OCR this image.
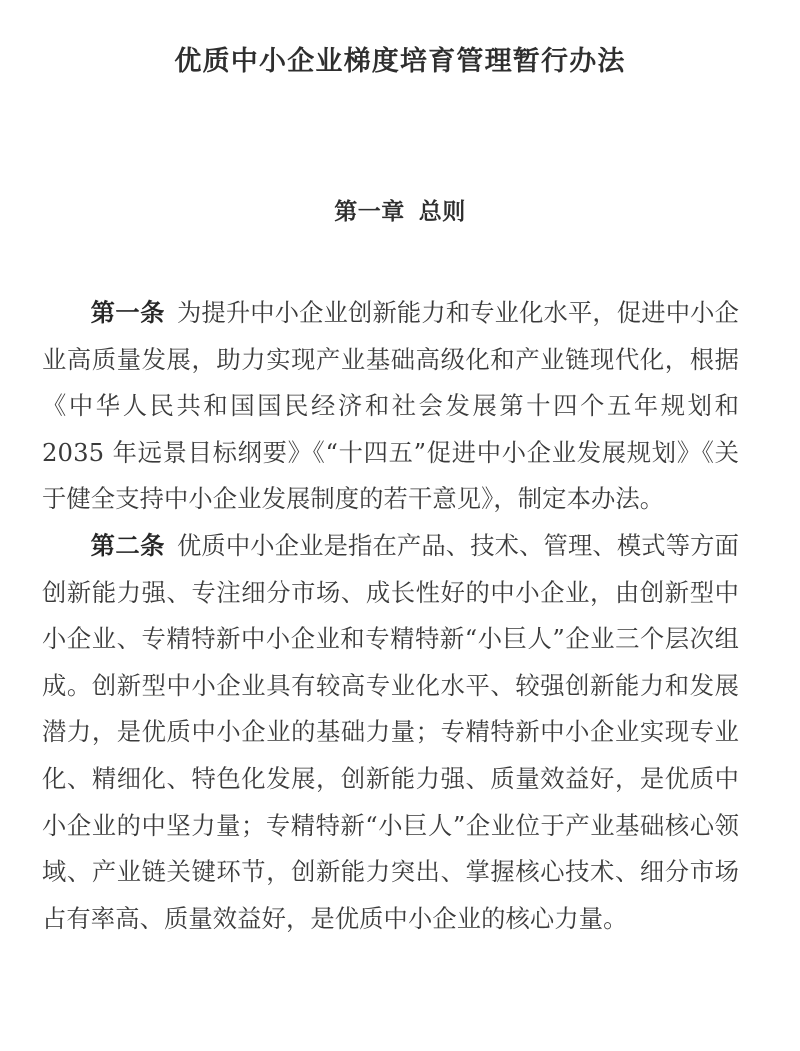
优质中小企业梯度培育管理暂行办法
第一章 总则

第一条 为提升中小企业创新能力和专业化水平，促进中小企业高质量发展，助力实现产业基础高级化和产业链现代化，根据《中华人民共和国国民经济和社会发展第十四个五年规划和 2035 年远景目标纲要》《“十四五”促进中小企业发展规划》《关于健全支持中小企业发展制度的若干意见》，制定本办法。

第二条 优质中小企业是指在产品、技术、管理、模式等方面创新能力强、专注细分市场、成长性好的中小企业，由创新型中小企业、专精特新中小企业和专精特新“小巨人”企业三个层次组成。创新型中小企业具有较高专业化水平、较强创新能力和发展潜力，是优质中小企业的基础力量；专精特新中小企业实现专业化、精细化、特色化发展，创新能力强、质量效益好，是优质中小企业的中坚力量；专精特新“小巨人”企业位于产业基础核心领域、产业链关键环节，创新能力突出、掌握核心技术、细分市场占有率高、质量效益好，是优质中小企业的核心力量。
